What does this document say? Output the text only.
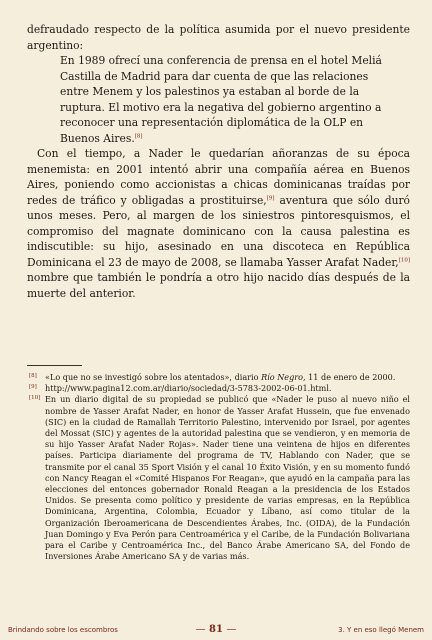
defraudado respecto de la política asumida por el nuevo presidente argentino:

En 1989 ofrecí una conferencia de prensa en el hotel Meliá Castilla de Madrid para dar cuenta de que las relaciones entre Menem y los palestinos ya estaban al borde de la ruptura. El motivo era la negativa del gobierno argentino a reconocer una representación diplomática de la OLP en Buenos Aires.[8]

Con el tiempo, a Nader le quedarían añoranzas de su época menemista: en 2001 intentó abrir una compañía aérea en Buenos Aires, poniendo como accionistas a chicas dominicanas traídas por redes de tráfico y obligadas a prostituirse,[9] aventura que sólo duró unos meses. Pero, al margen de los siniestros pintoresquismos, el compromiso del magnate dominicano con la causa palestina es indiscutible: su hijo, asesinado en una discoteca en República Dominicana el 23 de mayo de 2008, se llamaba Yasser Arafat Nader,[10] nombre que también le pondría a otro hijo nacido días después de la muerte del anterior.

[8] «Lo que no se investigó sobre los atentados», diario Río Negro, 11 de enero de 2000.

[9] http://www.pagina12.com.ar/diario/sociedad/3-5783-2002-06-01.html.

[10] En un diario digital de su propiedad se publicó que «Nader le puso al nuevo niño el nombre de Yasser Arafat Nader, en honor de Yasser Arafat Hussein, que fue envenado (SIC) en la ciudad de Ramallah Territorio Palestino, intervenido por Israel, por agentes del Mossat (SIC) y agentes de la autoridad palestina que se vendieron, y en memoria de su hijo Yasser Arafat Nader Rojas». Nader tiene una veintena de hijos en diferentes países. Participa diariamente del programa de TV, Hablando con Nader, que se transmite por el canal 35 Sport Visión y el canal 10 Éxito Visión, y en su momento fundó con Nancy Reagan el «Comité Hispanos For Reagan», que ayudó en la campaña para las elecciones del entonces gobernador Ronald Reagan a la presidencia de los Estados Unidos. Se presenta como político y presidente de varias empresas, en la República Dominicana, Argentina, Colombia, Ecuador y Líbano, así como titular de la Organización Iberoamericana de Descendientes Árabes, Inc. (OIDA), de la Fundación Juan Domingo y Eva Perón para Centroamérica y el Caribe, de la Fundación Bolivariana para el Caribe y Centroamérica Inc., del Banco Árabe Americano SA, del Fondo de Inversiones Árabe Americano SA y de varias más.

Brindando sobre los escombros	— 81 —	3. Y en eso llegó Menem
